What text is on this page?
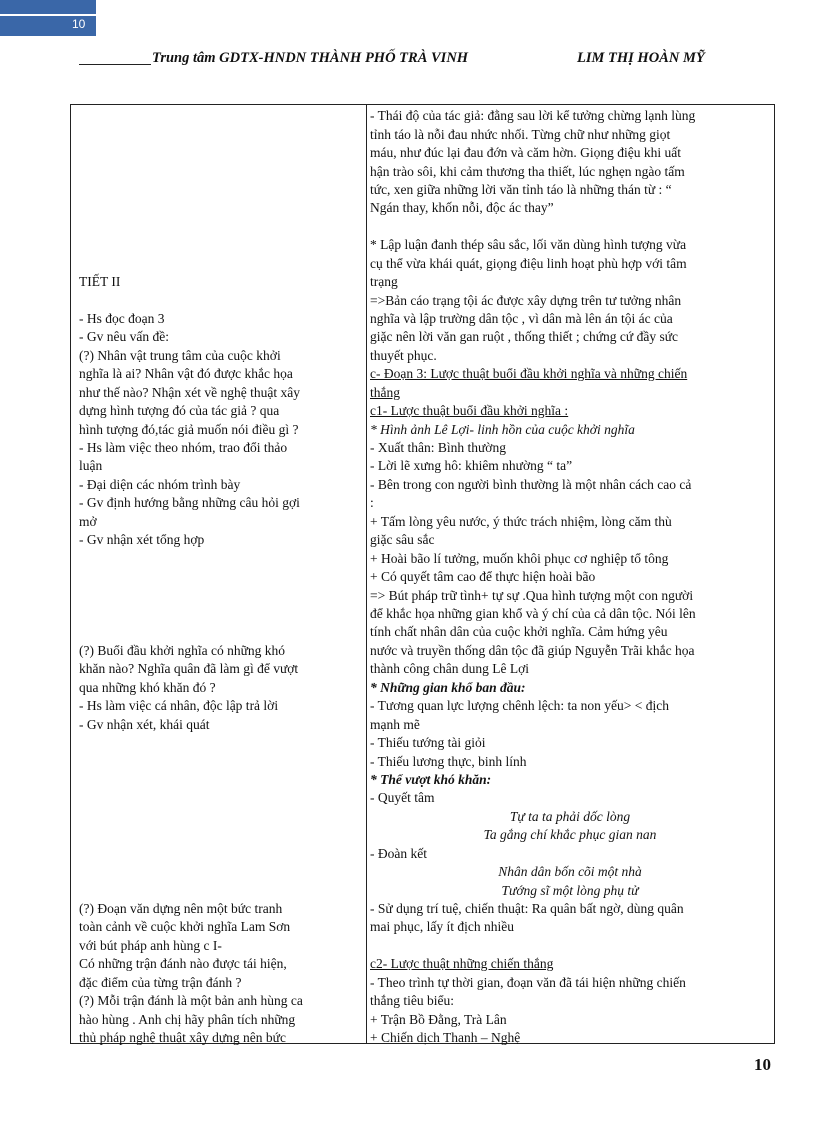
10
Trung tâm GDTX-HNDN THÀNH PHỐ TRÀ VINH	LIM THỊ HOÀN MỸ
TIẾT II
- Hs đọc đoạn 3
- Gv nêu vấn đề:
(?) Nhân vật trung tâm của cuộc khởi
nghĩa là ai? Nhân vật đó được khắc họa
như thế nào? Nhận xét về nghệ thuật xây
dựng hình tượng đó của tác giả ? qua
hình tượng đó,tác giả muốn nói điều gì ?
- Hs làm việc theo nhóm, trao đổi thảo
luận
- Đại diện các nhóm trình bày
- Gv định hướng bằng những câu hỏi gợi
mở
- Gv nhận xét tổng hợp
(?) Buổi đầu khởi nghĩa có những khó
khăn nào? Nghĩa quân đã làm gì để vượt
qua những khó khăn đó ?
- Hs làm việc cá nhân, độc lập trả lời
- Gv nhận xét, khái quát
(?) Đoạn văn dựng nên một bức tranh
toàn cảnh về cuộc khởi nghĩa Lam Sơn
với bút pháp anh hùng c I-
Có những trận đánh nào được tái hiện,
đặc điểm của từng trận đánh ?
(?) Mỗi trận đánh là một bản anh hùng ca
hào hùng . Anh chị hãy phân tích những
thủ pháp nghệ thuật xây dựng nên bức
- Thái độ của tác giả: đằng sau lời kể tưởng chừng lạnh lùng
tỉnh táo là nỗi đau nhức nhối. Từng chữ như những giọt
máu, như đúc lại đau đớn và căm hờn. Giọng điệu khi uất
hận trào sôi, khi cảm thương tha thiết, lúc nghẹn ngào tấm
tức, xen giữa những lời văn tỉnh táo là những thán từ : “
Ngán thay, khốn nỗi, độc ác thay”
* Lập luận đanh thép sâu sắc, lối văn dùng hình tượng vừa
cụ thể vừa khái quát, giọng điệu linh hoạt phù hợp với tâm
trạng
=>Bản cáo trạng tội ác được xây dựng trên tư tưởng nhân
nghĩa và lập trường dân tộc , vì dân mà lên án tội ác của
giặc nên lời văn gan ruột , thống thiết ; chứng cứ đầy sức
thuyết phục.
c- Đoạn 3: Lược thuật buổi đầu khởi nghĩa và những chiến
thắng
c1- Lược thuật buổi đầu khởi nghĩa :
* Hình ảnh Lê Lợi- linh hồn của cuộc khởi nghĩa
- Xuất thân: Bình thường
- Lời lẽ xưng hô: khiêm nhường “ ta”
- Bên trong con người bình thường là một nhân cách cao cả
:
+ Tấm lòng yêu nước, ý thức trách nhiệm, lòng căm thù
giặc sâu sắc
+ Hoài bão lí tưởng, muốn khôi phục cơ nghiệp tổ tông
+ Có quyết tâm cao để thực hiện hoài bão
=> Bút pháp trữ tình+ tự sự .Qua hình tượng một con người
để khắc họa những gian khổ và ý chí của cả dân tộc. Nói lên
tính chất nhân dân của cuộc khởi nghĩa. Cảm hứng yêu
nước và truyền thống dân tộc đã giúp Nguyễn Trãi khắc họa
thành công chân dung Lê Lợi
* Những gian khổ ban đầu:
- Tương quan lực lượng chênh lệch: ta non yếu> < địch
mạnh mẽ
- Thiếu tướng tài giỏi
- Thiếu lương thực, binh lính
* Thể vượt khó khăn:
- Quyết tâm
Tự ta ta phải dốc lòng
Ta gắng chí khắc phục gian nan
- Đoàn kết
Nhân dân bốn cõi một nhà
Tướng sĩ một lòng phụ tử
- Sử dụng trí tuệ, chiến thuật: Ra quân bất ngờ, dùng quân
mai phục, lấy ít địch nhiều
c2- Lược thuật những chiến thắng
- Theo trình tự thời gian, đoạn văn đã tái hiện những chiến
thắng tiêu biểu:
+ Trận Bồ Đằng, Trà Lân
+ Chiến dịch Thanh – Nghệ
10
